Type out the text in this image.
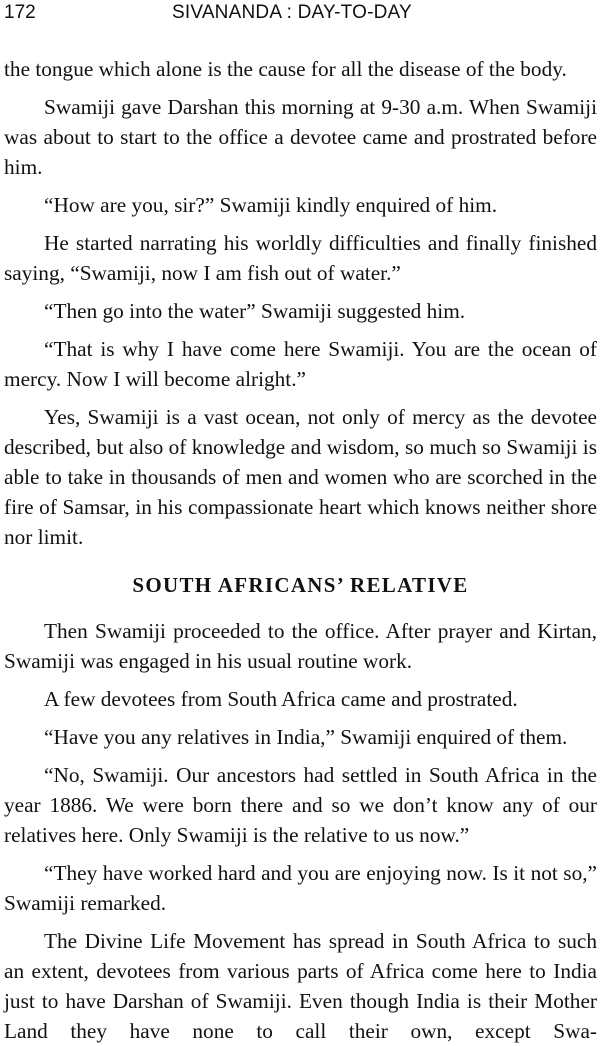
172	SIVANANDA : DAY-TO-DAY

the tongue which alone is the cause for all the disease of the body.

Swamiji gave Darshan this morning at 9-30 a.m. When Swamiji was about to start to the office a devotee came and prostrated before him.

“How are you, sir?” Swamiji kindly enquired of him.

He started narrating his worldly difficulties and finally finished saying, “Swamiji, now I am fish out of water.”

“Then go into the water” Swamiji suggested him.

“That is why I have come here Swamiji. You are the ocean of mercy. Now I will become alright.”

Yes, Swamiji is a vast ocean, not only of mercy as the devotee described, but also of knowledge and wisdom, so much so Swamiji is able to take in thousands of men and women who are scorched in the fire of Samsar, in his compassionate heart which knows neither shore nor limit.

SOUTH AFRICANS’ RELATIVE

Then Swamiji proceeded to the office. After prayer and Kirtan, Swamiji was engaged in his usual routine work.

A few devotees from South Africa came and prostrated.

“Have you any relatives in India,” Swamiji enquired of them.

“No, Swamiji. Our ancestors had settled in South Africa in the year 1886. We were born there and so we don’t know any of our relatives here. Only Swamiji is the relative to us now.”

“They have worked hard and you are enjoying now. Is it not so,” Swamiji remarked.

The Divine Life Movement has spread in South Africa to such an extent, devotees from various parts of Africa come here to India just to have Darshan of Swamiji. Even though India is their Mother Land they have none to call their own, except Swa-
